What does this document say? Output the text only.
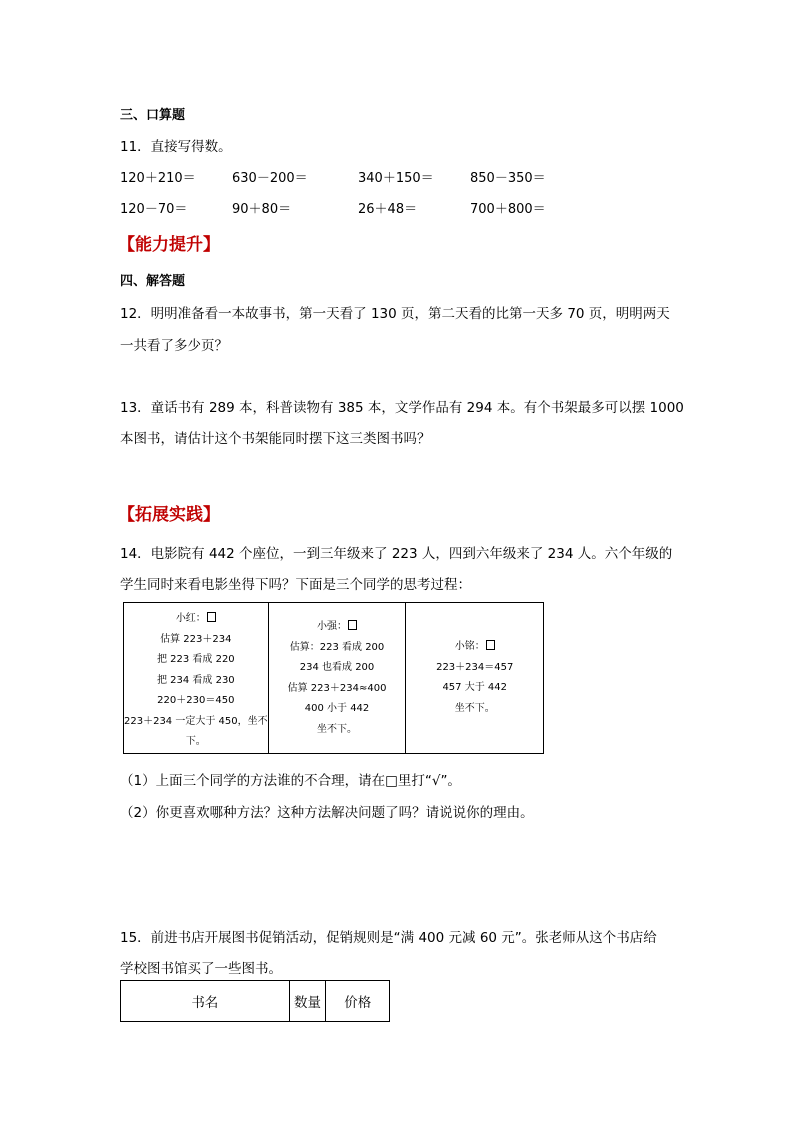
三、口算题
11．直接写得数。
120＋210＝	630－200＝	340＋150＝	850－350＝
120－70＝	90＋80＝	26＋48＝	700＋800＝
【能力提升】
四、解答题
12．明明准备看一本故事书，第一天看了 130 页，第二天看的比第一天多 70 页，明明两天
一共看了多少页？
13．童话书有 289 本，科普读物有 385 本，文学作品有 294 本。有个书架最多可以摆 1000
本图书，请估计这个书架能同时摆下这三类图书吗？
【拓展实践】
14．电影院有 442 个座位，一到三年级来了 223 人，四到六年级来了 234 人。六个年级的
学生同时来看电影坐得下吗？下面是三个同学的思考过程：
小红：
估算 223＋234
把 223 看成 220
把 234 看成 230
220＋230＝450
223＋234 一定大于 450，坐不
下。

小强：
估算：223 看成 200
234 也看成 200
估算 223＋234≈400
400 小于 442
坐不下。

小铭：
223＋234＝457
457 大于 442
坐不下。
（1）上面三个同学的方法谁的不合理，请在□里打“√”。
（2）你更喜欢哪种方法？这种方法解决问题了吗？请说说你的理由。
15．前进书店开展图书促销活动，促销规则是“满 400 元减 60 元”。张老师从这个书店给
学校图书馆买了一些图书。
书名	数量	价格
